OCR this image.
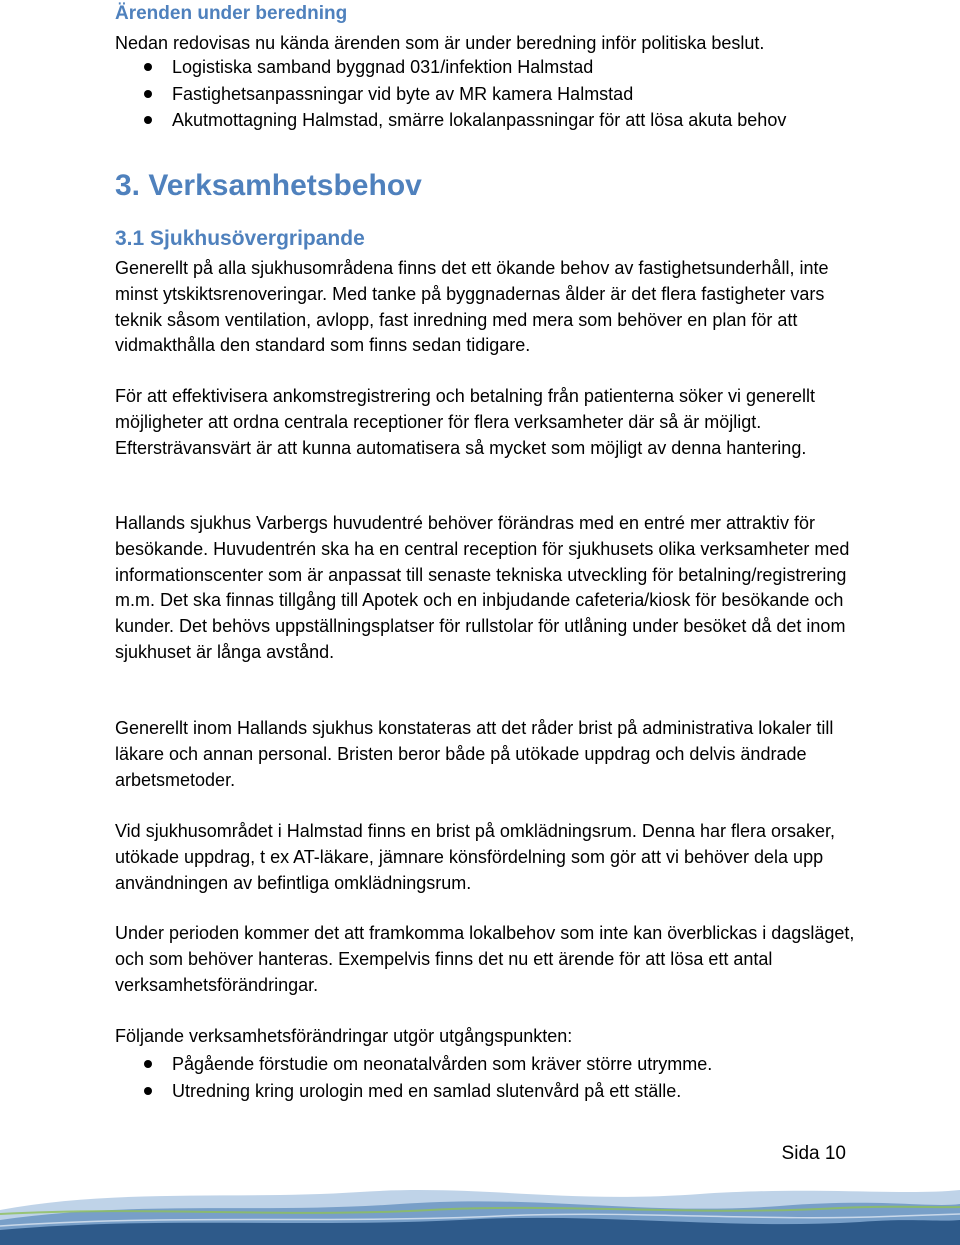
Ärenden under beredning

Nedan redovisas nu kända ärenden som är under beredning inför politiska beslut.

Logistiska samband byggnad 031/infektion Halmstad
Fastighetsanpassningar vid byte av MR kamera Halmstad
Akutmottagning Halmstad, smärre lokalanpassningar för att lösa akuta behov
3. Verksamhetsbehov
3.1 Sjukhusövergripande

Generellt på alla sjukhusområdena finns det ett ökande behov av fastighetsunderhåll, inte minst ytskiktsrenoveringar. Med tanke på byggnadernas ålder är det flera fastigheter vars teknik såsom ventilation, avlopp, fast inredning med mera som behöver en plan för att vidmakthålla den standard som finns sedan tidigare.

För att effektivisera ankomstregistrering och betalning från patienterna söker vi generellt möjligheter att ordna centrala receptioner för flera verksamheter där så är möjligt. Eftersträvansvärt är att kunna automatisera så mycket som möjligt av denna hantering.

Hallands sjukhus Varbergs huvudentré behöver förändras med en entré mer attraktiv för besökande. Huvudentrén ska ha en central reception för sjukhusets olika verksamheter med informationscenter som är anpassat till senaste tekniska utveckling för betalning/registrering m.m. Det ska finnas tillgång till Apotek och en inbjudande cafeteria/kiosk för besökande och kunder. Det behövs uppställningsplatser för rullstolar för utlåning under besöket då det inom sjukhuset är långa avstånd.

Generellt inom Hallands sjukhus konstateras att det råder brist på administrativa lokaler till läkare och annan personal. Bristen beror både på utökade uppdrag och delvis ändrade arbetsmetoder.

Vid sjukhusområdet i Halmstad finns en brist på omklädningsrum. Denna har flera orsaker, utökade uppdrag, t ex AT-läkare, jämnare könsfördelning som gör att vi behöver dela upp användningen av befintliga omklädningsrum.

Under perioden kommer det att framkomma lokalbehov som inte kan överblickas i dagsläget, och som behöver hanteras. Exempelvis finns det nu ett ärende för att lösa ett antal verksamhetsförändringar.

Följande verksamhetsförändringar utgör utgångspunkten:

Pågående förstudie om neonatalvården som kräver större utrymme.
Utredning kring urologin med en samlad slutenvård på ett ställe.
Sida 10
